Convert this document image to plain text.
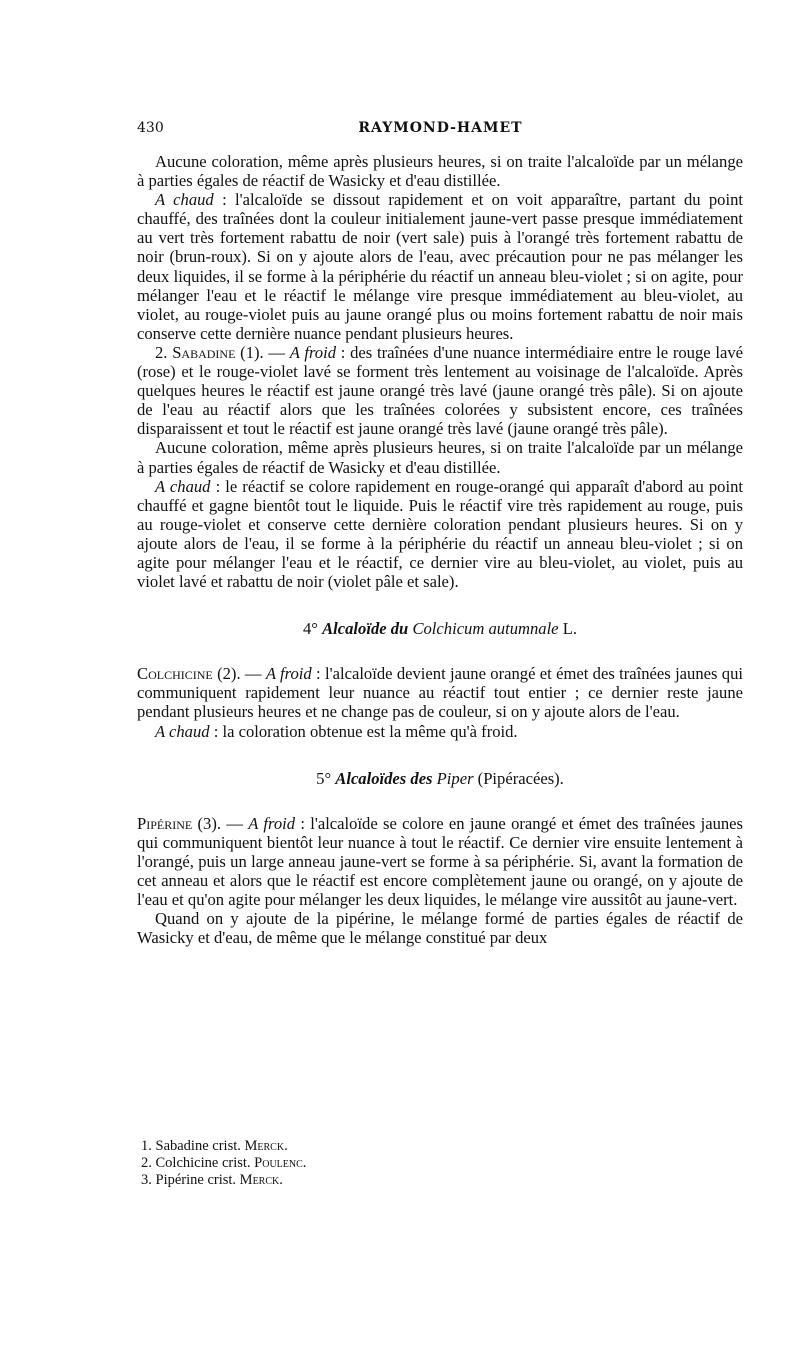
430	RAYMOND-HAMET

Aucune coloration, même après plusieurs heures, si on traite l'alcaloïde par un mélange à parties égales de réactif de Wasicky et d'eau distillée.

A chaud : l'alcaloïde se dissout rapidement et on voit apparaître, partant du point chauffé, des traînées dont la couleur initialement jaune-vert passe presque immédiatement au vert très fortement rabattu de noir (vert sale) puis à l'orangé très fortement rabattu de noir (brun-roux). Si on y ajoute alors de l'eau, avec précaution pour ne pas mélanger les deux liquides, il se forme à la périphérie du réactif un anneau bleu-violet ; si on agite, pour mélanger l'eau et le réactif le mélange vire presque immédiatement au bleu-violet, au violet, au rouge-violet puis au jaune orangé plus ou moins fortement rabattu de noir mais conserve cette dernière nuance pendant plusieurs heures.

2. Sabadine (1). — A froid : des traînées d'une nuance intermédiaire entre le rouge lavé (rose) et le rouge-violet lavé se forment très lentement au voisinage de l'alcaloïde. Après quelques heures le réactif est jaune orangé très lavé (jaune orangé très pâle). Si on ajoute de l'eau au réactif alors que les traînées colorées y subsistent encore, ces traînées disparaissent et tout le réactif est jaune orangé très lavé (jaune orangé très pâle).

Aucune coloration, même après plusieurs heures, si on traite l'alcaloïde par un mélange à parties égales de réactif de Wasicky et d'eau distillée.

A chaud : le réactif se colore rapidement en rouge-orangé qui apparaît d'abord au point chauffé et gagne bientôt tout le liquide. Puis le réactif vire très rapidement au rouge, puis au rouge-violet et conserve cette dernière coloration pendant plusieurs heures. Si on y ajoute alors de l'eau, il se forme à la périphérie du réactif un anneau bleu-violet ; si on agite pour mélanger l'eau et le réactif, ce dernier vire au bleu-violet, au violet, puis au violet lavé et rabattu de noir (violet pâle et sale).

4° Alcaloïde du Colchicum autumnale L.

Colchicine (2). — A froid : l'alcaloïde devient jaune orangé et émet des traînées jaunes qui communiquent rapidement leur nuance au réactif tout entier ; ce dernier reste jaune pendant plusieurs heures et ne change pas de couleur, si on y ajoute alors de l'eau.

A chaud : la coloration obtenue est la même qu'à froid.

5° Alcaloïdes des Piper (Pipéracées).

Pipérine (3). — A froid : l'alcaloïde se colore en jaune orangé et émet des traînées jaunes qui communiquent bientôt leur nuance à tout le réactif. Ce dernier vire ensuite lentement à l'orangé, puis un large anneau jaune-vert se forme à sa périphérie. Si, avant la formation de cet anneau et alors que le réactif est encore complètement jaune ou orangé, on y ajoute de l'eau et qu'on agite pour mélanger les deux liquides, le mélange vire aussitôt au jaune-vert.

Quand on y ajoute de la pipérine, le mélange formé de parties égales de réactif de Wasicky et d'eau, de même que le mélange constitué par deux

1. Sabadine crist. Merck.
2. Colchicine crist. Poulenc.
3. Pipérine crist. Merck.
